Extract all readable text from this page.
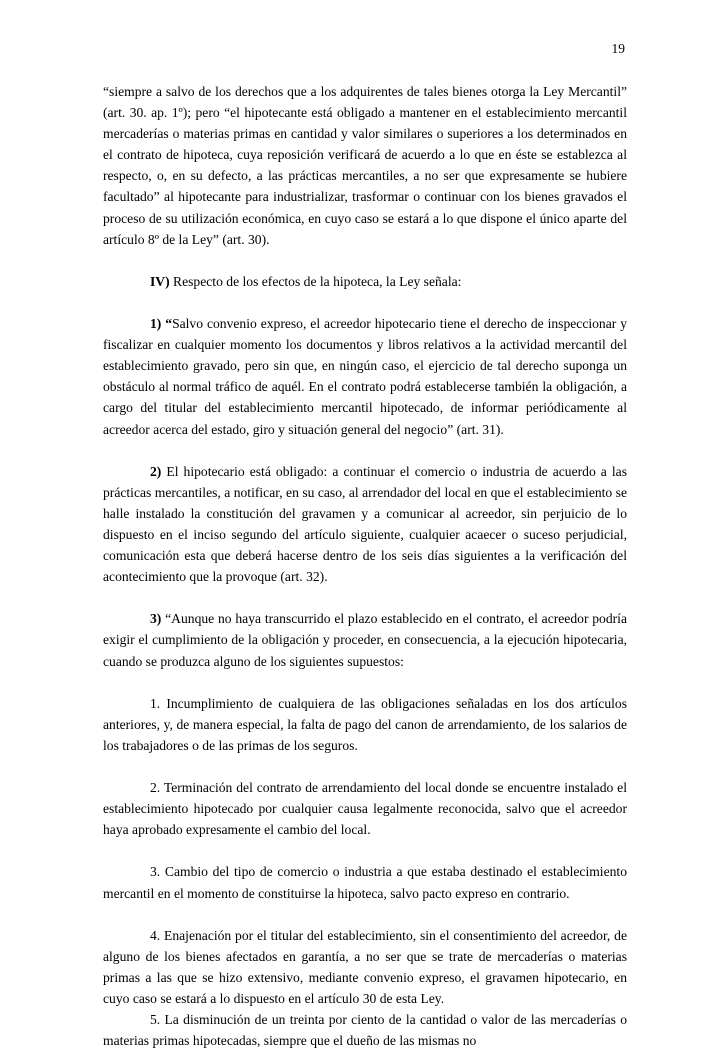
19

“siempre a salvo de los derechos que a los adquirentes de tales bienes otorga la Ley Mercantil” (art. 30. ap. 1º); pero “el hipotecante está obligado a mantener en el establecimiento mercantil mercaderías o materias primas en cantidad y valor similares o superiores a los determinados en el contrato de hipoteca, cuya reposición verificará de acuerdo a lo que en éste se establezca al respecto, o, en su defecto, a las prácticas mercantiles, a no ser que expresamente se hubiere facultado” al hipotecante para industrializar, trasformar o continuar con los bienes gravados el proceso de su utilización económica, en cuyo caso se estará a lo que dispone el único aparte del artículo 8º de la Ley” (art. 30).

IV) Respecto de los efectos de la hipoteca, la Ley señala:

1) “Salvo convenio expreso, el acreedor hipotecario tiene el derecho de inspeccionar y fiscalizar en cualquier momento los documentos y libros relativos a la actividad mercantil del establecimiento gravado, pero sin que, en ningún caso, el ejercicio de tal derecho suponga un obstáculo al normal tráfico de aquél. En el contrato podrá establecerse también la obligación, a cargo del titular del establecimiento mercantil hipotecado, de informar periódicamente al acreedor acerca del estado, giro y situación general del negocio” (art. 31).

2) El hipotecario está obligado: a continuar el comercio o industria de acuerdo a las prácticas mercantiles, a notificar, en su caso, al arrendador del local en que el establecimiento se halle instalado la constitución del gravamen y a comunicar al acreedor, sin perjuicio de lo dispuesto en el inciso segundo del artículo siguiente, cualquier acaecer o suceso perjudicial, comunicación esta que deberá hacerse dentro de los seis días siguientes a la verificación del acontecimiento que la provoque (art. 32).

3) “Aunque no haya transcurrido el plazo establecido en el contrato, el acreedor podría exigir el cumplimiento de la obligación y proceder, en consecuencia, a la ejecución hipotecaria, cuando se produzca alguno de los siguientes supuestos:

1. Incumplimiento de cualquiera de las obligaciones señaladas en los dos artículos anteriores, y, de manera especial, la falta de pago del canon de arrendamiento, de los salarios de los trabajadores o de las primas de los seguros.

2. Terminación del contrato de arrendamiento del local donde se encuentre instalado el establecimiento hipotecado por cualquier causa legalmente reconocida, salvo que el acreedor haya aprobado expresamente el cambio del local.

3. Cambio del tipo de comercio o industria a que estaba destinado el establecimiento mercantil en el momento de constituirse la hipoteca, salvo pacto expreso en contrario.

4. Enajenación por el titular del establecimiento, sin el consentimiento del acreedor, de alguno de los bienes afectados en garantía, a no ser que se trate de mercaderías o materias primas a las que se hizo extensivo, mediante convenio expreso, el gravamen hipotecario, en cuyo caso se estará a lo dispuesto en el artículo 30 de esta Ley.

5. La disminución de un treinta por ciento de la cantidad o valor de las mercaderías o materias primas hipotecadas, siempre que el dueño de las mismas no
